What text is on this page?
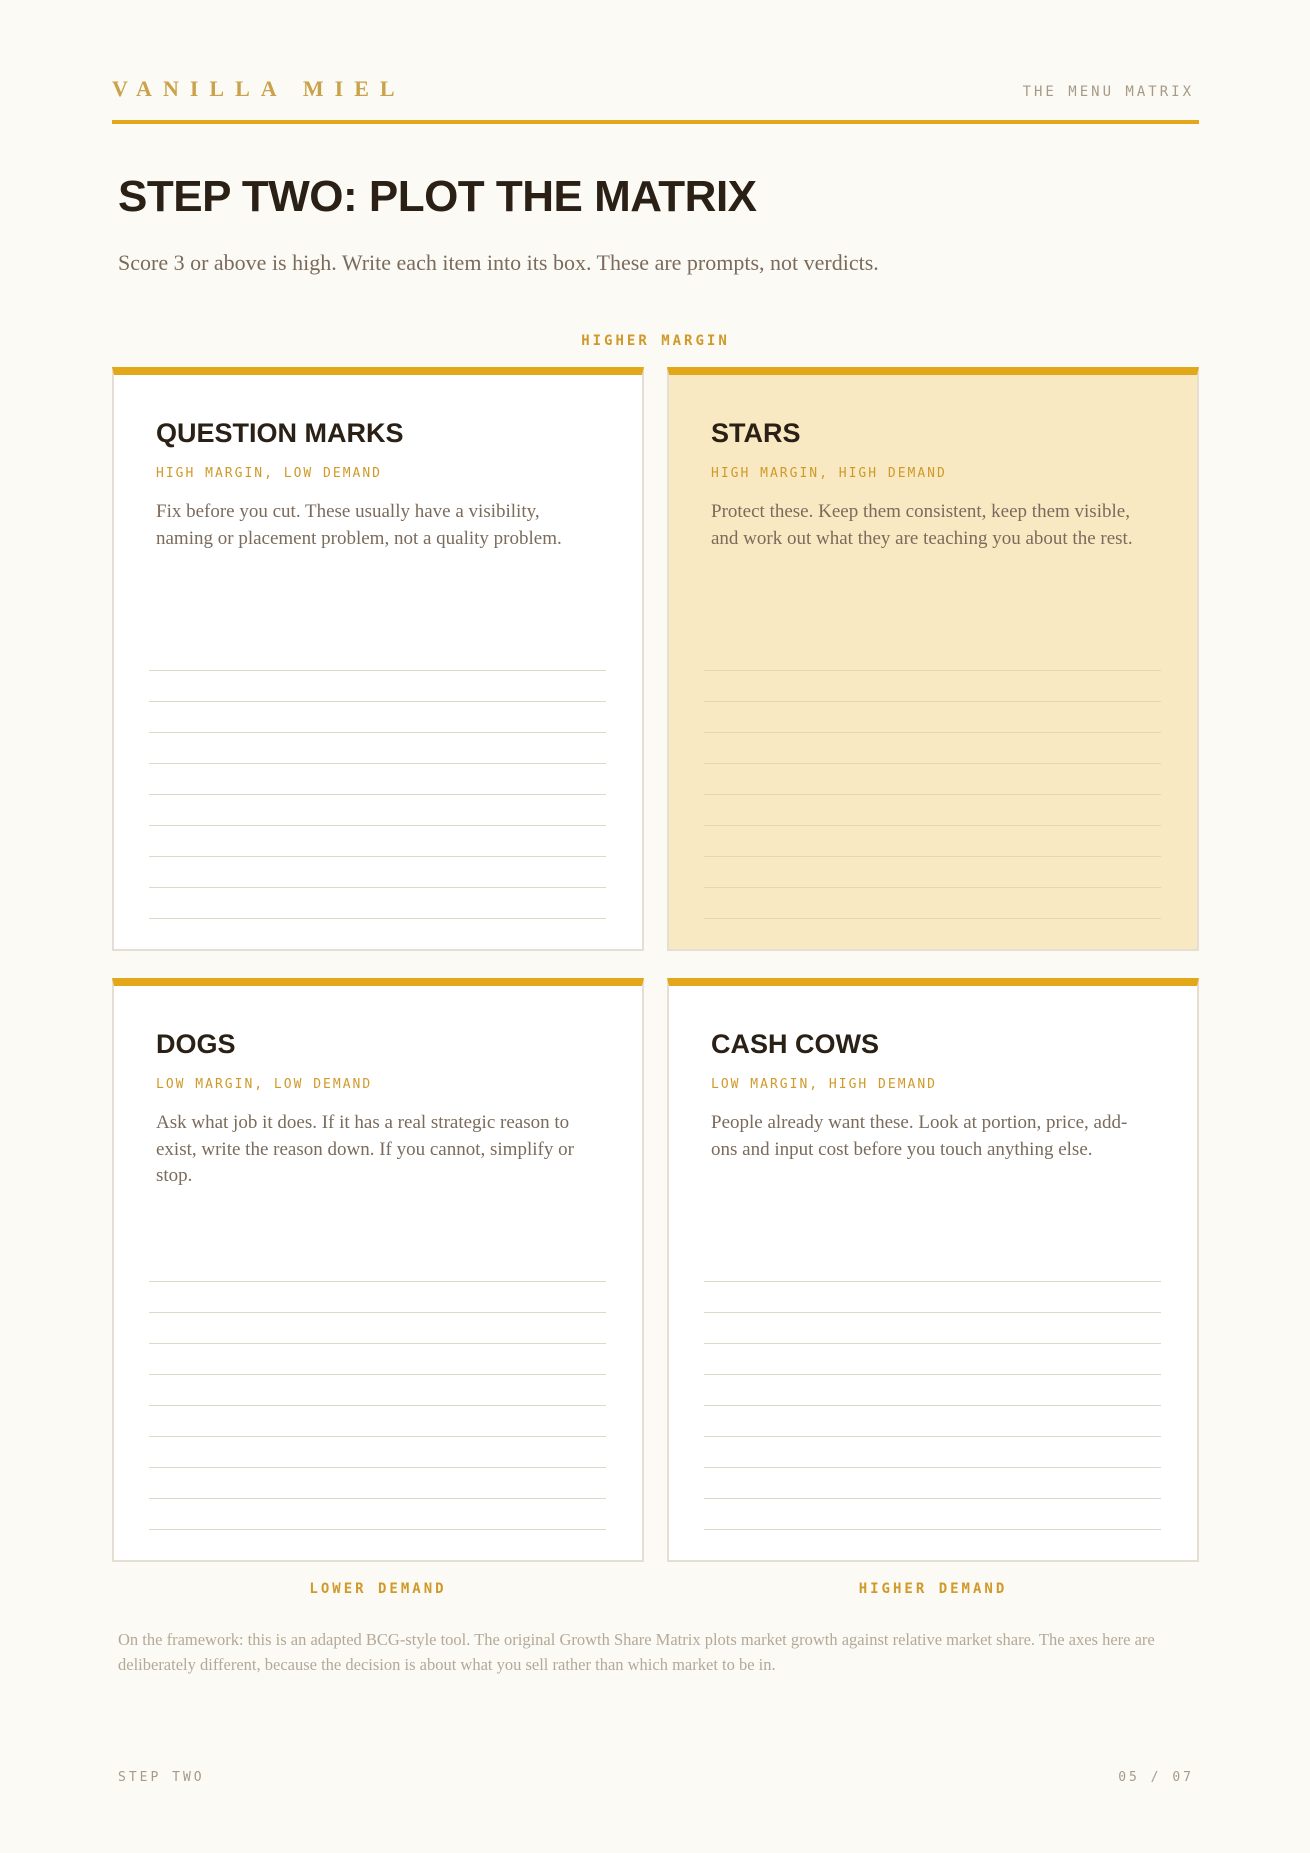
VANILLA MIEL	THE MENU MATRIX
STEP TWO: PLOT THE MATRIX
Score 3 or above is high. Write each item into its box. These are prompts, not verdicts.
HIGHER MARGIN
QUESTION MARKS
HIGH MARGIN, LOW DEMAND
Fix before you cut. These usually have a visibility, naming or placement problem, not a quality problem.
STARS
HIGH MARGIN, HIGH DEMAND
Protect these. Keep them consistent, keep them visible, and work out what they are teaching you about the rest.
DOGS
LOW MARGIN, LOW DEMAND
Ask what job it does. If it has a real strategic reason to exist, write the reason down. If you cannot, simplify or stop.
CASH COWS
LOW MARGIN, HIGH DEMAND
People already want these. Look at portion, price, add-ons and input cost before you touch anything else.
LOWER DEMAND	HIGHER DEMAND
On the framework: this is an adapted BCG-style tool. The original Growth Share Matrix plots market growth against relative market share. The axes here are deliberately different, because the decision is about what you sell rather than which market to be in.
STEP TWO	05 / 07
